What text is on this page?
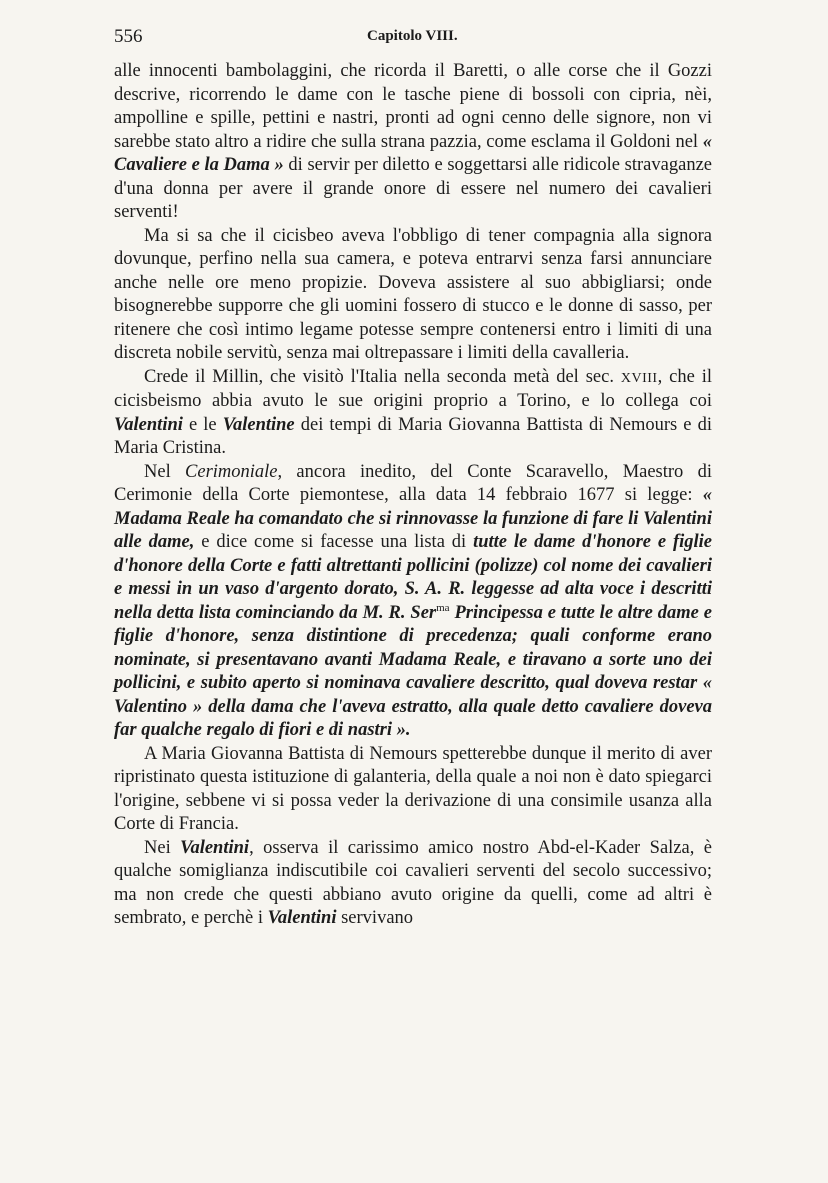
556	Capitolo VIII.

alle innocenti bambolaggini, che ricorda il Baretti, o alle corse che il Gozzi descrive, ricorrendo le dame con le tasche piene di bossoli con cipria, nèi, ampolline e spille, pettini e nastri, pronti ad ogni cenno delle signore, non vi sarebbe stato altro a ridire che sulla strana pazzia, come esclama il Goldoni nel « Cavaliere e la Dama » di servir per diletto e soggettarsi alle ridicole stravaganze d'una donna per avere il grande onore di essere nel numero dei cavalieri serventi!

Ma si sa che il cicisbeo aveva l'obbligo di tener compagnia alla signora dovunque, perfino nella sua camera, e poteva entrarvi senza farsi annunciare anche nelle ore meno propizie. Doveva assistere al suo abbigliarsi; onde bisognerebbe supporre che gli uomini fossero di stucco e le donne di sasso, per ritenere che così intimo legame potesse sempre contenersi entro i limiti di una discreta nobile servitù, senza mai oltrepassare i limiti della cavalleria.

Crede il Millin, che visitò l'Italia nella seconda metà del sec. XVIII, che il cicisbeismo abbia avuto le sue origini proprio a Torino, e lo collega coi Valentini e le Valentine dei tempi di Maria Giovanna Battista di Nemours e di Maria Cristina.

Nel Cerimoniale, ancora inedito, del Conte Scaravello, Maestro di Cerimonie della Corte piemontese, alla data 14 febbraio 1677 si legge: « Madama Reale ha comandato che si rinnovasse la funzione di fare li Valentini alle dame, e dice come si facesse una lista di tutte le dame d'honore e figlie d'honore della Corte e fatti altrettanti pollicini (polizze) col nome dei cavalieri e messi in un vaso d'argento dorato, S. A. R. leggesse ad alta voce i descritti nella detta lista cominciando da M. R. Ser$^{ma}$ Principessa e tutte le altre dame e figlie d'honore, senza distintione di precedenza; quali conforme erano nominate, si presentavano avanti Madama Reale, e tiravano a sorte uno dei pollicini, e subito aperto si nominava cavaliere descritto, qual doveva restar « Valentino » della dama che l'aveva estratto, alla quale detto cavaliere doveva far qualche regalo di fiori e di nastri ».

A Maria Giovanna Battista di Nemours spetterebbe dunque il merito di aver ripristinato questa istituzione di galanteria, della quale a noi non è dato spiegarci l'origine, sebbene vi si possa veder la derivazione di una consimile usanza alla Corte di Francia.

Nei Valentini, osserva il carissimo amico nostro Abd-el-Kader Salza, è qualche somiglianza indiscutibile coi cavalieri serventi del secolo successivo; ma non crede che questi abbiano avuto origine da quelli, come ad altri è sembrato, e perchè i Valentini servivano
